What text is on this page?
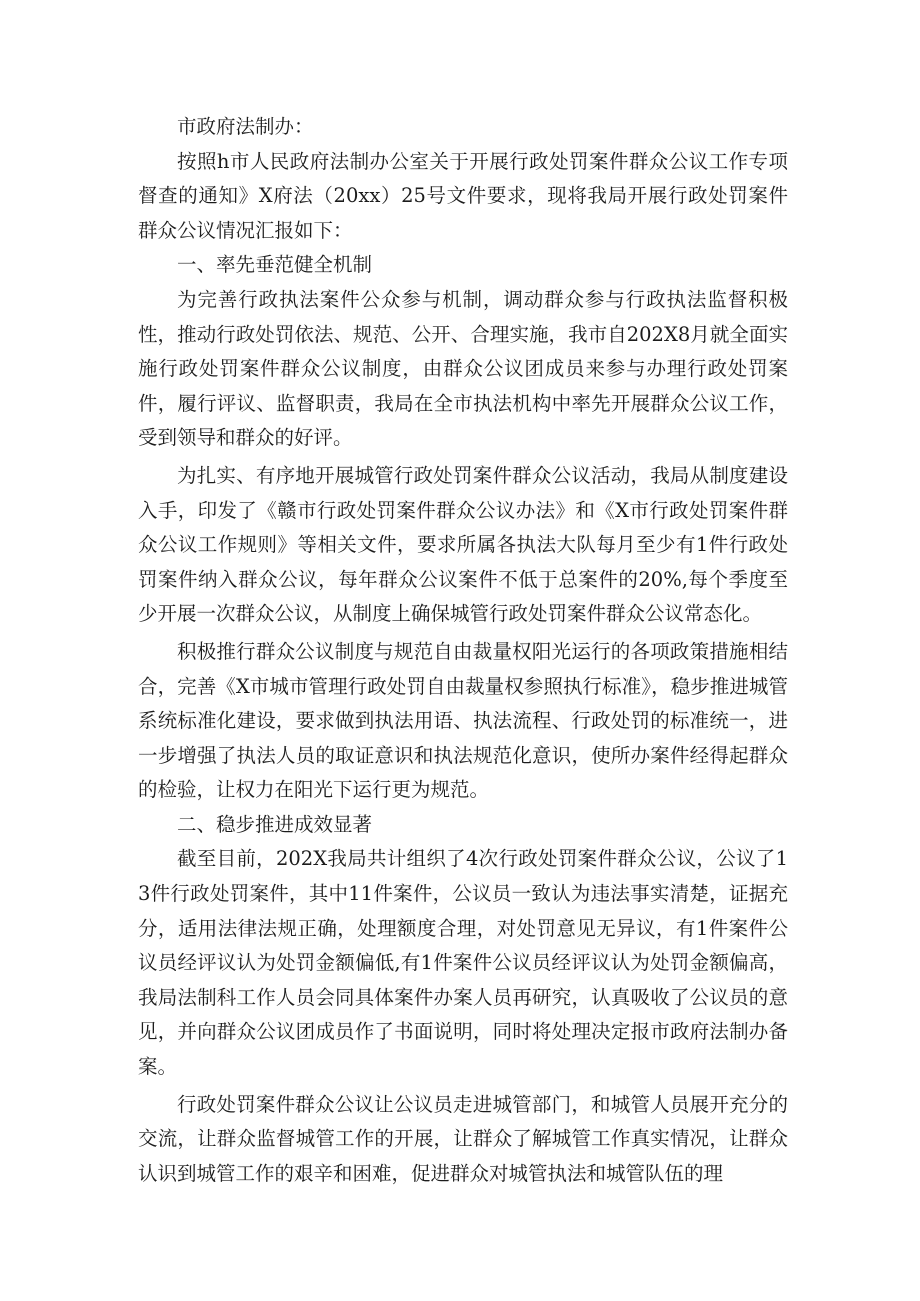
市政府法制办：

按照h市人民政府法制办公室关于开展行政处罚案件群众公议工作专项督查的通知》X府法（20xx）25号文件要求，现将我局开展行政处罚案件群众公议情况汇报如下：

一、率先垂范健全机制

为完善行政执法案件公众参与机制，调动群众参与行政执法监督积极性，推动行政处罚依法、规范、公开、合理实施，我市自202X8月就全面实施行政处罚案件群众公议制度，由群众公议团成员来参与办理行政处罚案件，履行评议、监督职责，我局在全市执法机构中率先开展群众公议工作，受到领导和群众的好评。

为扎实、有序地开展城管行政处罚案件群众公议活动，我局从制度建设入手，印发了《赣市行政处罚案件群众公议办法》和《X市行政处罚案件群众公议工作规则》等相关文件，要求所属各执法大队每月至少有1件行政处罚案件纳入群众公议，每年群众公议案件不低于总案件的20%,每个季度至少开展一次群众公议，从制度上确保城管行政处罚案件群众公议常态化。

积极推行群众公议制度与规范自由裁量权阳光运行的各项政策措施相结合，完善《X市城市管理行政处罚自由裁量权参照执行标准》，稳步推进城管系统标准化建设，要求做到执法用语、执法流程、行政处罚的标准统一，进一步增强了执法人员的取证意识和执法规范化意识，使所办案件经得起群众的检验，让权力在阳光下运行更为规范。

二、稳步推进成效显著

截至目前，202X我局共计组织了4次行政处罚案件群众公议，公议了13件行政处罚案件，其中11件案件，公议员一致认为违法事实清楚，证据充分，适用法律法规正确，处理额度合理，对处罚意见无异议，有1件案件公议员经评议认为处罚金额偏低,有1件案件公议员经评议认为处罚金额偏高，我局法制科工作人员会同具体案件办案人员再研究，认真吸收了公议员的意见，并向群众公议团成员作了书面说明，同时将处理决定报市政府法制办备案。

行政处罚案件群众公议让公议员走进城管部门，和城管人员展开充分的交流，让群众监督城管工作的开展，让群众了解城管工作真实情况，让群众认识到城管工作的艰辛和困难，促进群众对城管执法和城管队伍的理
